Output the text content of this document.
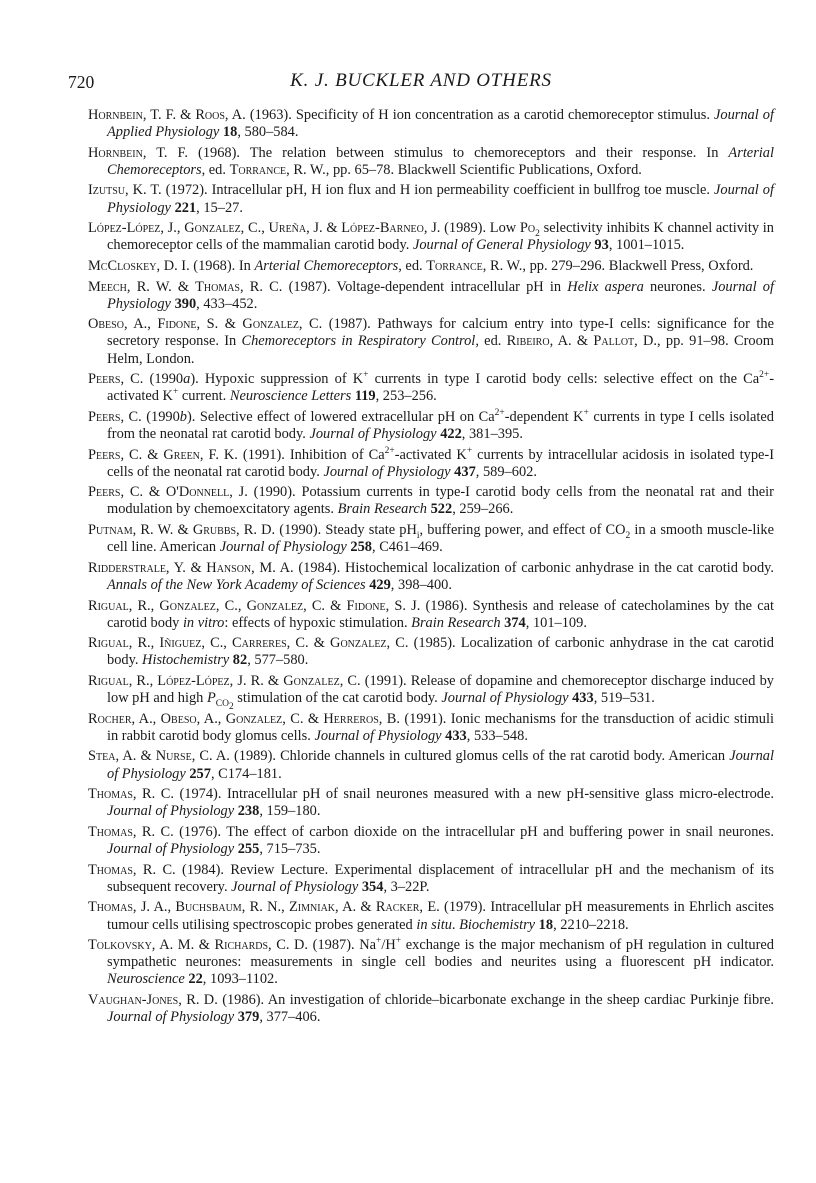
720	K. J. BUCKLER AND OTHERS
Hornbein, T. F. & Roos, A. (1963). Specificity of H ion concentration as a carotid chemoreceptor stimulus. Journal of Applied Physiology 18, 580–584.
Hornbein, T. F. (1968). The relation between stimulus to chemoreceptors and their response. In Arterial Chemoreceptors, ed. Torrance, R. W., pp. 65–78. Blackwell Scientific Publications, Oxford.
Izutsu, K. T. (1972). Intracellular pH, H ion flux and H ion permeability coefficient in bullfrog toe muscle. Journal of Physiology 221, 15–27.
López-López, J., Gonzalez, C., Ureña, J. & López-Barneo, J. (1989). Low $Po_2$ selectivity inhibits K channel activity in chemoreceptor cells of the mammalian carotid body. Journal of General Physiology 93, 1001–1015.
McCloskey, D. I. (1968). In Arterial Chemoreceptors, ed. Torrance, R. W., pp. 279–296. Blackwell Press, Oxford.
Meech, R. W. & Thomas, R. C. (1987). Voltage-dependent intracellular pH in Helix aspera neurones. Journal of Physiology 390, 433–452.
Obeso, A., Fidone, S. & Gonzalez, C. (1987). Pathways for calcium entry into type-I cells: significance for the secretory response. In Chemoreceptors in Respiratory Control, ed. Ribeiro, A. & Pallot, D., pp. 91–98. Croom Helm, London.
Peers, C. (1990a). Hypoxic suppression of K+ currents in type I carotid body cells: selective effect on the $Ca^{2+}$-activated K+ current. Neuroscience Letters 119, 253–256.
Peers, C. (1990b). Selective effect of lowered extracellular pH on $Ca^{2+}$-dependent K+ currents in type I cells isolated from the neonatal rat carotid body. Journal of Physiology 422, 381–395.
Peers, C. & Green, F. K. (1991). Inhibition of $Ca^{2+}$-activated K+ currents by intracellular acidosis in isolated type-I cells of the neonatal rat carotid body. Journal of Physiology 437, 589–602.
Peers, C. & O'Donnell, J. (1990). Potassium currents in type-I carotid body cells from the neonatal rat and their modulation by chemoexcitatory agents. Brain Research 522, 259–266.
Putnam, R. W. & Grubbs, R. D. (1990). Steady state $pH_i$, buffering power, and effect of $CO_2$ in a smooth muscle-like cell line. American Journal of Physiology 258, C461–469.
Ridderstrale, Y. & Hanson, M. A. (1984). Histochemical localization of carbonic anhydrase in the cat carotid body. Annals of the New York Academy of Sciences 429, 398–400.
Rigual, R., Gonzalez, C., Gonzalez, C. & Fidone, S. J. (1986). Synthesis and release of catecholamines by the cat carotid body in vitro: effects of hypoxic stimulation. Brain Research 374, 101–109.
Rigual, R., Iñiguez, C., Carreres, C. & Gonzalez, C. (1985). Localization of carbonic anhydrase in the cat carotid body. Histochemistry 82, 577–580.
Rigual, R., López-López, J. R. & Gonzalez, C. (1991). Release of dopamine and chemoreceptor discharge induced by low pH and high $P_{CO_2}$ stimulation of the cat carotid body. Journal of Physiology 433, 519–531.
Rocher, A., Obeso, A., Gonzalez, C. & Herreros, B. (1991). Ionic mechanisms for the transduction of acidic stimuli in rabbit carotid body glomus cells. Journal of Physiology 433, 533–548.
Stea, A. & Nurse, C. A. (1989). Chloride channels in cultured glomus cells of the rat carotid body. American Journal of Physiology 257, C174–181.
Thomas, R. C. (1974). Intracellular pH of snail neurones measured with a new pH-sensitive glass micro-electrode. Journal of Physiology 238, 159–180.
Thomas, R. C. (1976). The effect of carbon dioxide on the intracellular pH and buffering power in snail neurones. Journal of Physiology 255, 715–735.
Thomas, R. C. (1984). Review Lecture. Experimental displacement of intracellular pH and the mechanism of its subsequent recovery. Journal of Physiology 354, 3–22P.
Thomas, J. A., Buchsbaum, R. N., Zimniak, A. & Racker, E. (1979). Intracellular pH measurements in Ehrlich ascites tumour cells utilising spectroscopic probes generated in situ. Biochemistry 18, 2210–2218.
Tolkovsky, A. M. & Richards, C. D. (1987). Na+/H+ exchange is the major mechanism of pH regulation in cultured sympathetic neurones: measurements in single cell bodies and neurites using a fluorescent pH indicator. Neuroscience 22, 1093–1102.
Vaughan-Jones, R. D. (1986). An investigation of chloride–bicarbonate exchange in the sheep cardiac Purkinje fibre. Journal of Physiology 379, 377–406.
